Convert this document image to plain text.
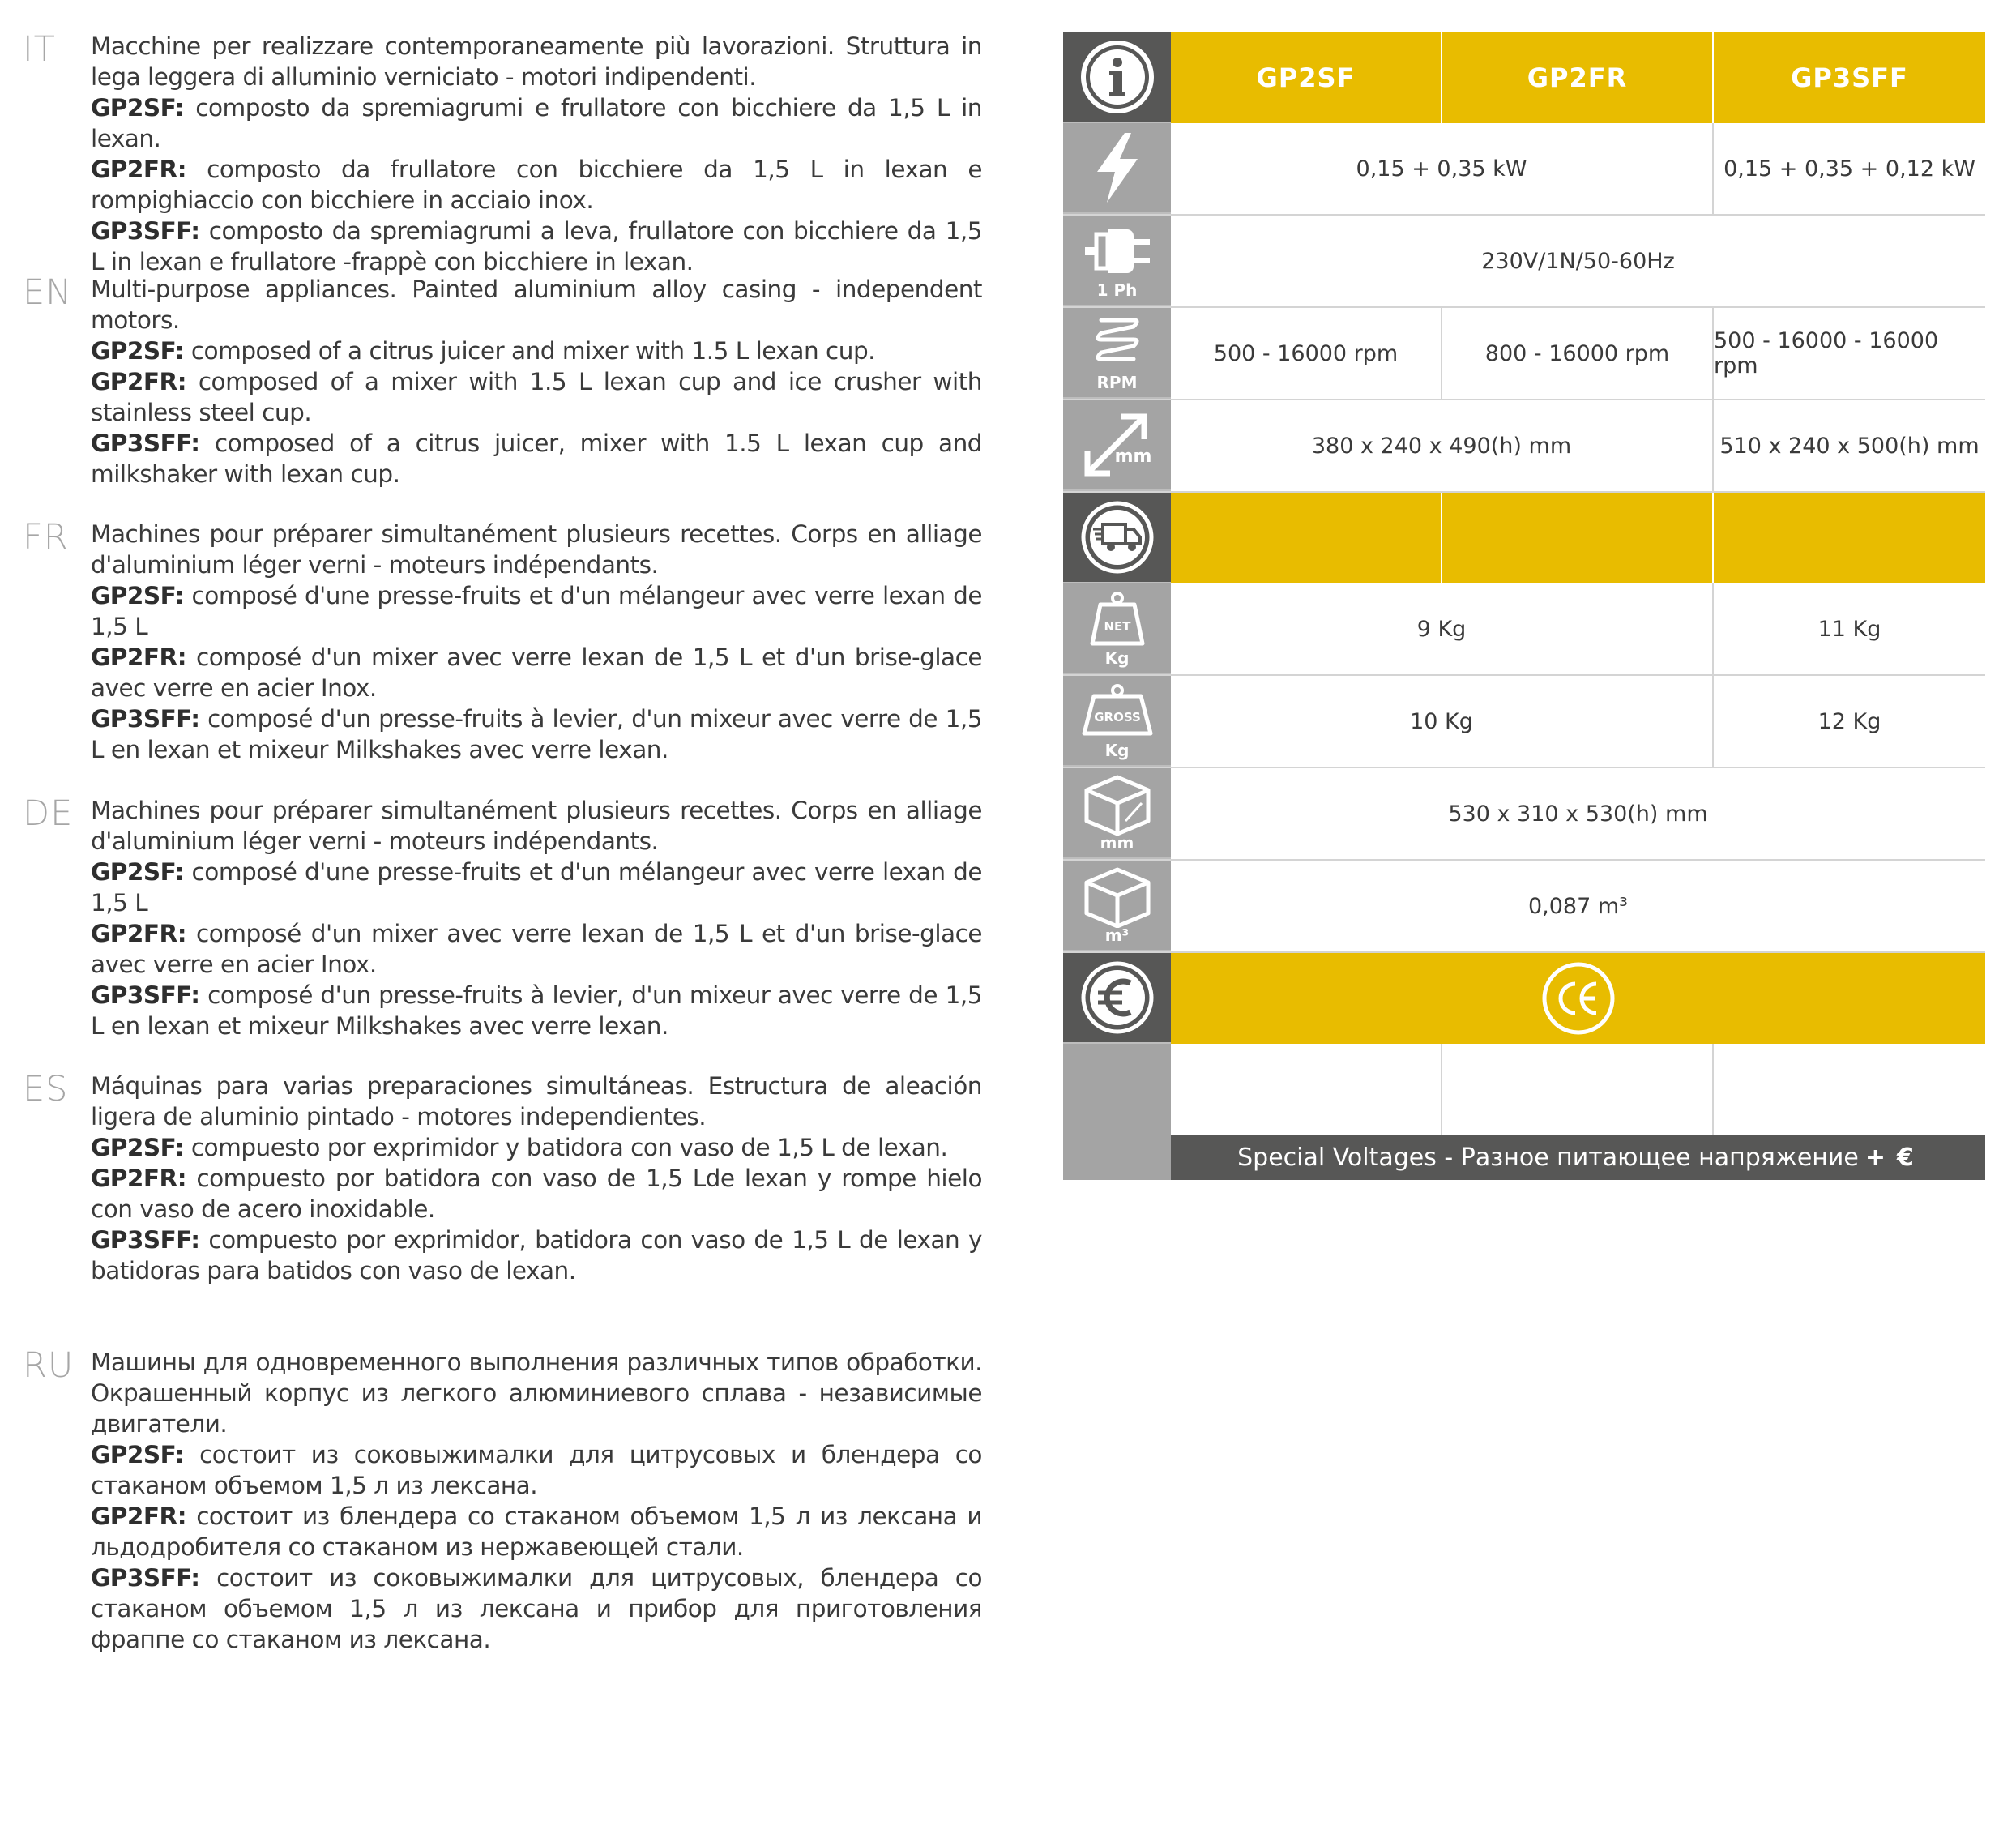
IT Macchine per realizzare contemporaneamente più lavorazioni. Struttura in lega leggera di alluminio verniciato - motori indipendenti.

GP2SF: composto da spremiagrumi e frullatore con bicchiere da 1,5 L in lexan.

GP2FR: composto da frullatore con bicchiere da 1,5 L in lexan e rompighiaccio con bicchiere in acciaio inox.

GP3SFF: composto da spremiagrumi a leva, frullatore con bicchiere da 1,5 L in lexan e frullatore -frappè con bicchiere in lexan.

EN Multi-purpose appliances. Painted aluminium alloy casing - independent motors.

GP2SF: composed of a citrus juicer and mixer with 1.5 L lexan cup.

GP2FR: composed of a mixer with 1.5 L lexan cup and ice crusher with stainless steel cup.

GP3SFF: composed of a citrus juicer, mixer with 1.5 L lexan cup and milkshaker with lexan cup.

FR Machines pour préparer simultanément plusieurs recettes. Corps en alliage d'aluminium léger verni - moteurs indépendants.

GP2SF: composé d'une presse-fruits et d'un mélangeur avec verre lexan de 1,5 L

GP2FR: composé d'un mixer avec verre lexan de 1,5 L et d'un brise-glace avec verre en acier Inox.

GP3SFF: composé d'un presse-fruits à levier, d'un mixeur avec verre de 1,5 L en lexan et mixeur Milkshakes avec verre lexan.

DE Machines pour préparer simultanément plusieurs recettes. Corps en alliage d'aluminium léger verni - moteurs indépendants.

GP2SF: composé d'une presse-fruits et d'un mélangeur avec verre lexan de 1,5 L

GP2FR: composé d'un mixer avec verre lexan de 1,5 L et d'un brise-glace avec verre en acier Inox.

GP3SFF: composé d'un presse-fruits à levier, d'un mixeur avec verre de 1,5 L en lexan et mixeur Milkshakes avec verre lexan.

ES Máquinas para varias preparaciones simultáneas. Estructura de aleación ligera de aluminio pintado - motores independientes.

GP2SF: compuesto por exprimidor y batidora con vaso de 1,5 L de lexan.

GP2FR: compuesto por batidora con vaso de 1,5 Lde lexan y rompe hielo con vaso de acero inoxidable.

GP3SFF: compuesto por exprimidor, batidora con vaso de 1,5 L de lexan y batidoras para batidos con vaso de lexan.

RU Машины для одновременного выполнения различных типов обработки. Окрашенный корпус из легкого алюминиевого сплава - независимые двигатели.

GP2SF: состоит из соковыжималки для цитрусовых и блендера со стаканом объемом 1,5 л из лексана.

GP2FR: состоит из блендера со стаканом объемом 1,5 л из лексана и льдодробителя со стаканом из нержавеющей стали.

GP3SFF: состоит из соковыжималки для цитрусовых, блендера со стаканом объемом 1,5 л из лексана и прибор для приготовления фраппе со стаканом из лексана.

GP2SF	GP2FR	GP3SFF
0,15 + 0,35 kW	0,15 + 0,35 + 0,12 kW
1 Ph
230V/1N/50-60Hz
RPM
500 - 16000 rpm	800 - 16000 rpm	500 - 16000 - 16000 rpm
mm	380 x 240 x 490(h) mm	510 x 240 x 500(h) mm
NET
Kg
9 Kg	11 Kg
GROSS
Kg
10 Kg	12 Kg
mm
530 x 310 x 530(h) mm
m³
0,087 m³
Special Voltages - Разное питающее напряжение + €
